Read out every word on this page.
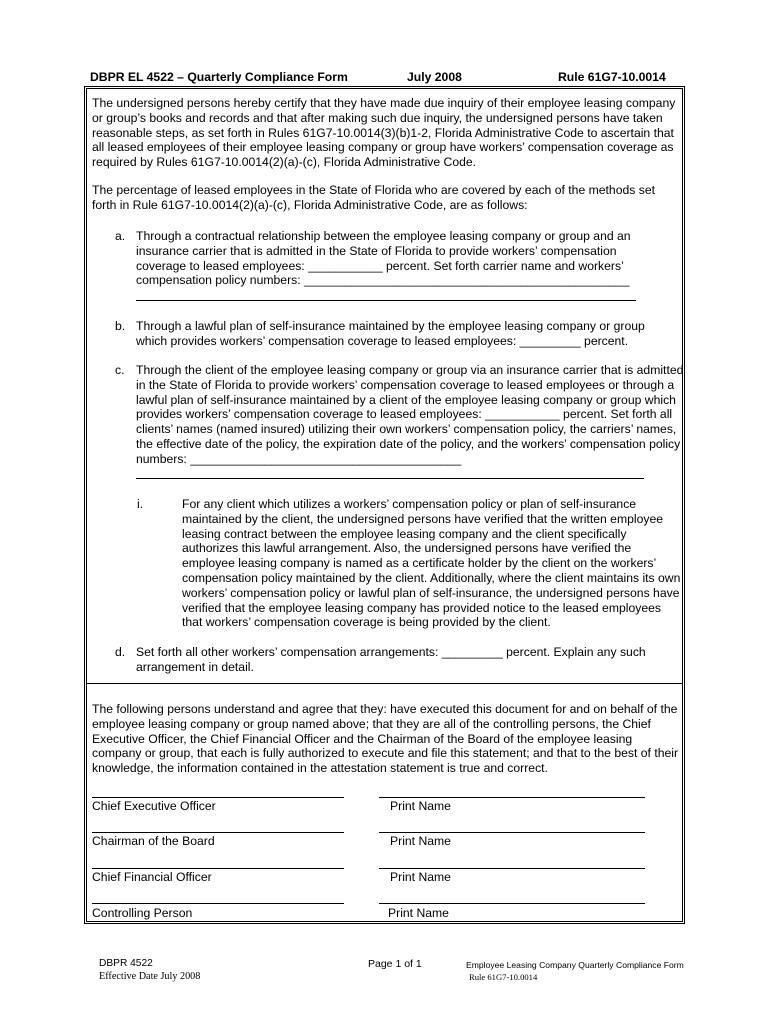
DBPR EL 4522 – Quarterly Compliance Form	July 2008	Rule 61G7-10.0014

The undersigned persons hereby certify that they have made due inquiry of their employee leasing company or group’s books and records and that after making such due inquiry, the undersigned persons have taken reasonable steps, as set forth in Rules 61G7-10.0014(3)(b)1-2, Florida Administrative Code to ascertain that all leased employees of their employee leasing company or group have workers’ compensation coverage as required by Rules 61G7-10.0014(2)(a)-(c), Florida Administrative Code.

The percentage of leased employees in the State of Florida who are covered by each of the methods set forth in Rule 61G7-10.0014(2)(a)-(c), Florida Administrative Code, are as follows:

a. Through a contractual relationship between the employee leasing company or group and an insurance carrier that is admitted in the State of Florida to provide workers’ compensation coverage to leased employees: ___________ percent. Set forth carrier name and workers’ compensation policy numbers: ________________________________________________

b. Through a lawful plan of self-insurance maintained by the employee leasing company or group which provides workers’ compensation coverage to leased employees: _________ percent.

c. Through the client of the employee leasing company or group via an insurance carrier that is admitted in the State of Florida to provide workers’ compensation coverage to leased employees or through a lawful plan of self-insurance maintained by a client of the employee leasing company or group which provides workers’ compensation coverage to leased employees: ___________ percent. Set forth all clients’ names (named insured) utilizing their own workers’ compensation policy, the carriers’ names, the effective date of the policy, the expiration date of the policy, and the workers’ compensation policy numbers: ________________________________________

i.	For any client which utilizes a workers’ compensation policy or plan of self-insurance maintained by the client, the undersigned persons have verified that the written employee leasing contract between the employee leasing company and the client specifically authorizes this lawful arrangement. Also, the undersigned persons have verified the employee leasing company is named as a certificate holder by the client on the workers’ compensation policy maintained by the client. Additionally, where the client maintains its own workers’ compensation policy or lawful plan of self-insurance, the undersigned persons have verified that the employee leasing company has provided notice to the leased employees that workers’ compensation coverage is being provided by the client.

d. Set forth all other workers’ compensation arrangements: _________ percent. Explain any such arrangement in detail.

The following persons understand and agree that they: have executed this document for and on behalf of the employee leasing company or group named above; that they are all of the controlling persons, the Chief Executive Officer, the Chief Financial Officer and the Chairman of the Board of the employee leasing company or group, that each is fully authorized to execute and file this statement; and that to the best of their knowledge, the information contained in the attestation statement is true and correct.

Chief Executive Officer	Print Name
Chairman of the Board	Print Name
Chief Financial Officer	Print Name
Controlling Person	Print Name
DBPR 4522
Effective Date July 2008
Page 1 of 1	Employee Leasing Company Quarterly Compliance Form
Rule 61G7-10.0014
